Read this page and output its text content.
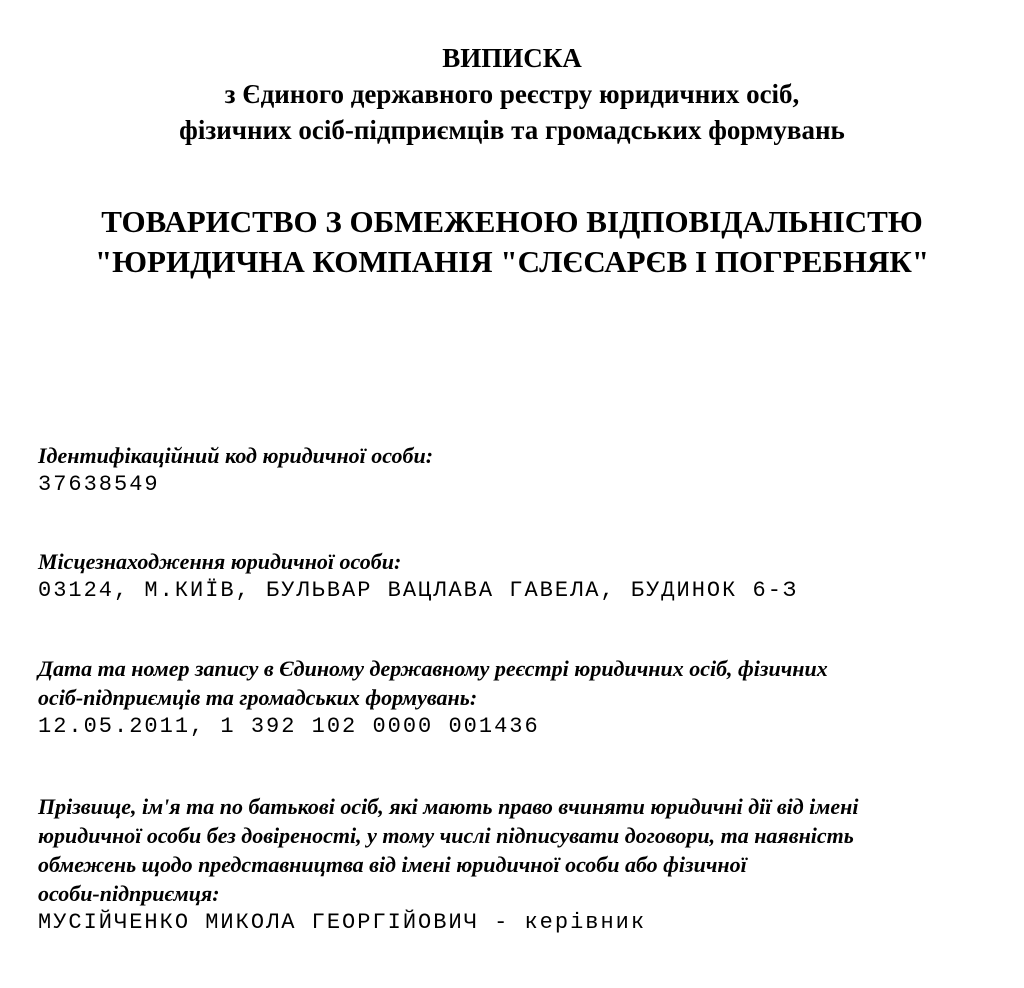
ВИПИСКА
з Єдиного державного реєстру юридичних осіб,
фізичних осіб-підприємців та громадських формувань
ТОВАРИСТВО З ОБМЕЖЕНОЮ ВІДПОВІДАЛЬНІСТЮ
"ЮРИДИЧНА КОМПАНІЯ "СЛЄСАРЄВ І ПОГРЕБНЯК"
Ідентифікаційний код юридичної особи:
37638549
Місцезнаходження юридичної особи:
03124, М.КИЇВ, БУЛЬВАР ВАЦЛАВА ГАВЕЛА, БУДИНОК 6-З
Дата та номер запису в Єдиному державному реєстрі юридичних осіб, фізичних
осіб-підприємців та громадських формувань:
12.05.2011, 1 392 102 0000 001436
Прізвище, ім'я та по батькові осіб, які мають право вчиняти юридичні дії від імені
юридичної особи без довіреності, у тому числі підписувати договори, та наявність
обмежень щодо представництва від імені юридичної особи або фізичної
особи-підприємця:
МУСІЙЧЕНКО МИКОЛА ГЕОРГІЙОВИЧ - керівник
